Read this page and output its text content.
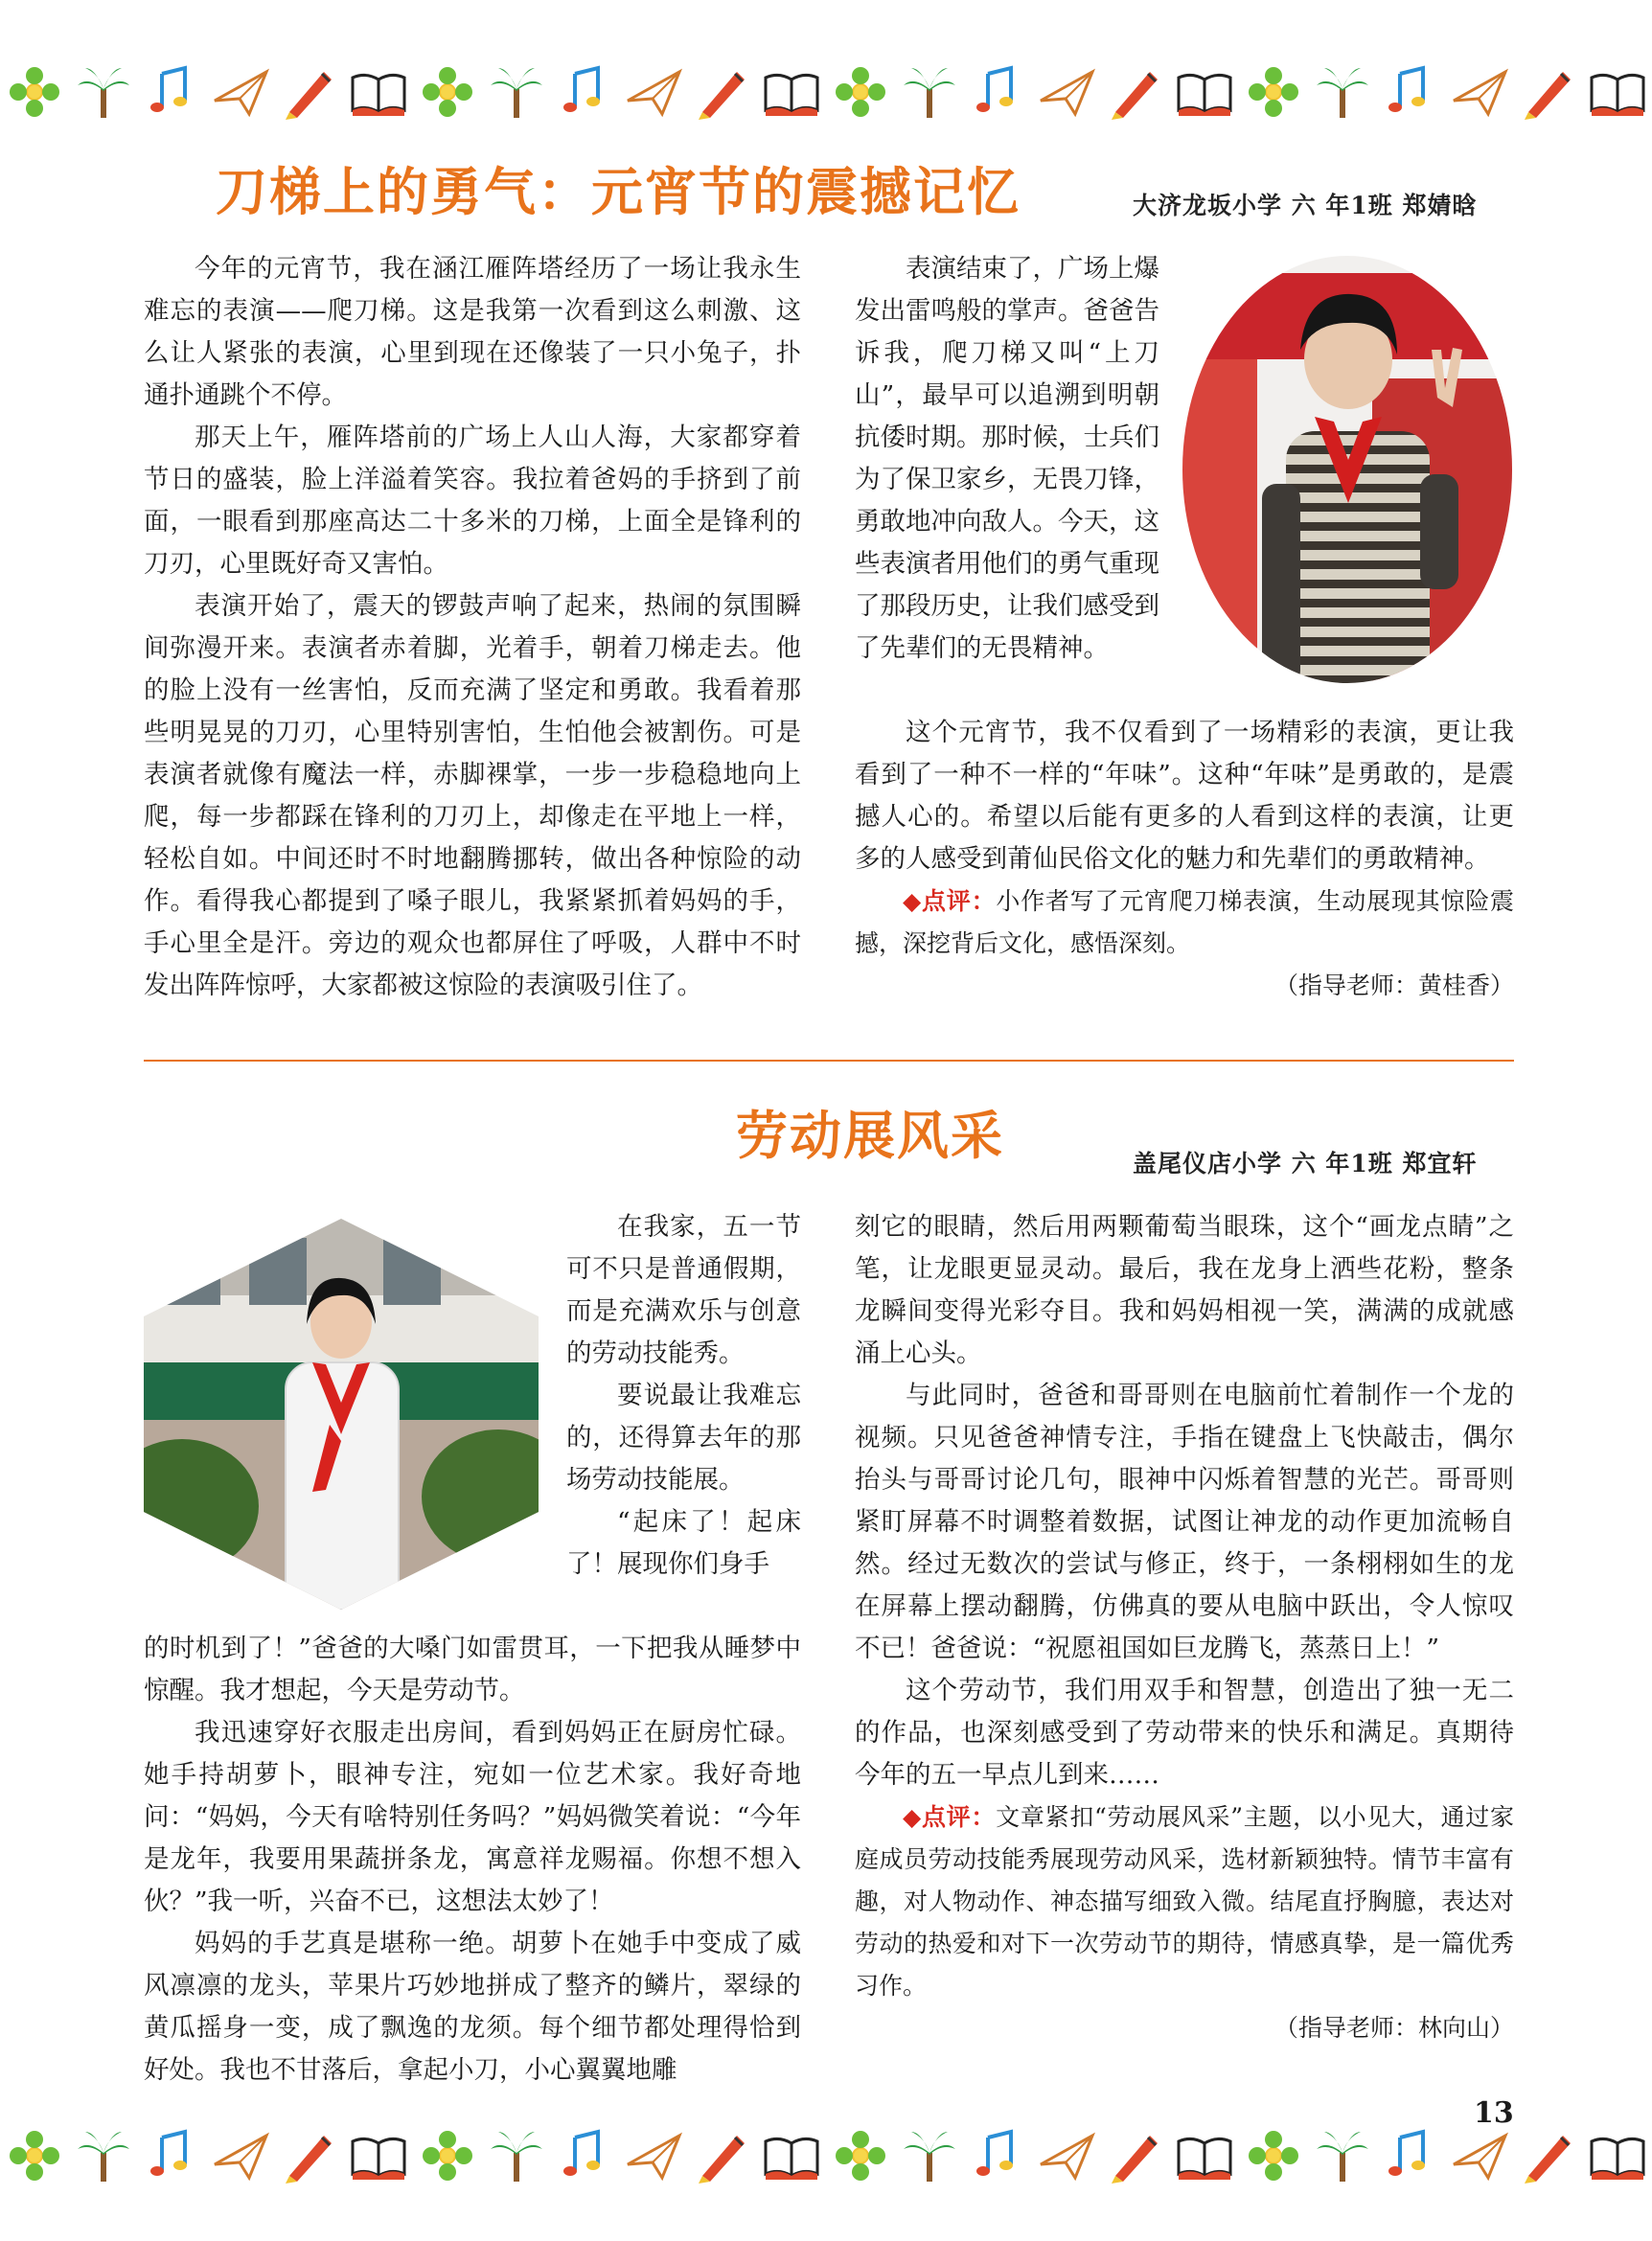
刀梯上的勇气：元宵节的震撼记忆	大济龙坂小学 六 年1班 郑婧晗

今年的元宵节，我在涵江雁阵塔经历了一场让我永生难忘的表演——爬刀梯。这是我第一次看到这么刺激、这么让人紧张的表演，心里到现在还像装了一只小兔子，扑通扑通跳个不停。

那天上午，雁阵塔前的广场上人山人海，大家都穿着节日的盛装，脸上洋溢着笑容。我拉着爸妈的手挤到了前面，一眼看到那座高达二十多米的刀梯，上面全是锋利的刀刃，心里既好奇又害怕。

表演开始了，震天的锣鼓声响了起来，热闹的氛围瞬间弥漫开来。表演者赤着脚，光着手，朝着刀梯走去。他的脸上没有一丝害怕，反而充满了坚定和勇敢。我看着那些明晃晃的刀刃，心里特别害怕，生怕他会被割伤。可是表演者就像有魔法一样，赤脚裸掌，一步一步稳稳地向上爬，每一步都踩在锋利的刀刃上，却像走在平地上一样，轻松自如。中间还时不时地翻腾挪转，做出各种惊险的动作。看得我心都提到了嗓子眼儿，我紧紧抓着妈妈的手，手心里全是汗。旁边的观众也都屏住了呼吸，人群中不时发出阵阵惊呼，大家都被这惊险的表演吸引住了。

表演结束了，广场上爆发出雷鸣般的掌声。爸爸告诉我，爬刀梯又叫“上刀山”，最早可以追溯到明朝抗倭时期。那时候，士兵们为了保卫家乡，无畏刀锋，勇敢地冲向敌人。今天，这些表演者用他们的勇气重现了那段历史，让我们感受到了先辈们的无畏精神。

这个元宵节，我不仅看到了一场精彩的表演，更让我看到了一种不一样的“年味”。这种“年味”是勇敢的，是震撼人心的。希望以后能有更多的人看到这样的表演，让更多的人感受到莆仙民俗文化的魅力和先辈们的勇敢精神。

◆点评：小作者写了元宵爬刀梯表演，生动展现其惊险震撼，深挖背后文化，感悟深刻。

（指导老师：黄桂香）
劳动展风采	盖尾仪店小学 六 年1班 郑宜轩

在我家，五一节可不只是普通假期，而是充满欢乐与创意的劳动技能秀。

要说最让我难忘的，还得算去年的那场劳动技能展。

“起床了！起床了！展现你们身手

的时机到了！”爸爸的大嗓门如雷贯耳，一下把我从睡梦中惊醒。我才想起，今天是劳动节。

我迅速穿好衣服走出房间，看到妈妈正在厨房忙碌。她手持胡萝卜，眼神专注，宛如一位艺术家。我好奇地问：“妈妈，今天有啥特别任务吗？”妈妈微笑着说：“今年是龙年，我要用果蔬拼条龙，寓意祥龙赐福。你想不想入伙？”我一听，兴奋不已，这想法太妙了！

妈妈的手艺真是堪称一绝。胡萝卜在她手中变成了威风凛凛的龙头，苹果片巧妙地拼成了整齐的鳞片，翠绿的黄瓜摇身一变，成了飘逸的龙须。每个细节都处理得恰到好处。我也不甘落后，拿起小刀，小心翼翼地雕

刻它的眼睛，然后用两颗葡萄当眼珠，这个“画龙点睛”之笔，让龙眼更显灵动。最后，我在龙身上洒些花粉，整条龙瞬间变得光彩夺目。我和妈妈相视一笑，满满的成就感涌上心头。

与此同时，爸爸和哥哥则在电脑前忙着制作一个龙的视频。只见爸爸神情专注，手指在键盘上飞快敲击，偶尔抬头与哥哥讨论几句，眼神中闪烁着智慧的光芒。哥哥则紧盯屏幕不时调整着数据，试图让神龙的动作更加流畅自然。经过无数次的尝试与修正，终于，一条栩栩如生的龙在屏幕上摆动翻腾，仿佛真的要从电脑中跃出，令人惊叹不已！爸爸说：“祝愿祖国如巨龙腾飞，蒸蒸日上！”

这个劳动节，我们用双手和智慧，创造出了独一无二的作品，也深刻感受到了劳动带来的快乐和满足。真期待今年的五一早点儿到来……

◆点评：文章紧扣“劳动展风采”主题，以小见大，通过家庭成员劳动技能秀展现劳动风采，选材新颖独特。情节丰富有趣，对人物动作、神态描写细致入微。结尾直抒胸臆，表达对劳动的热爱和对下一次劳动节的期待，情感真挚，是一篇优秀习作。

（指导老师：林向山）
13
